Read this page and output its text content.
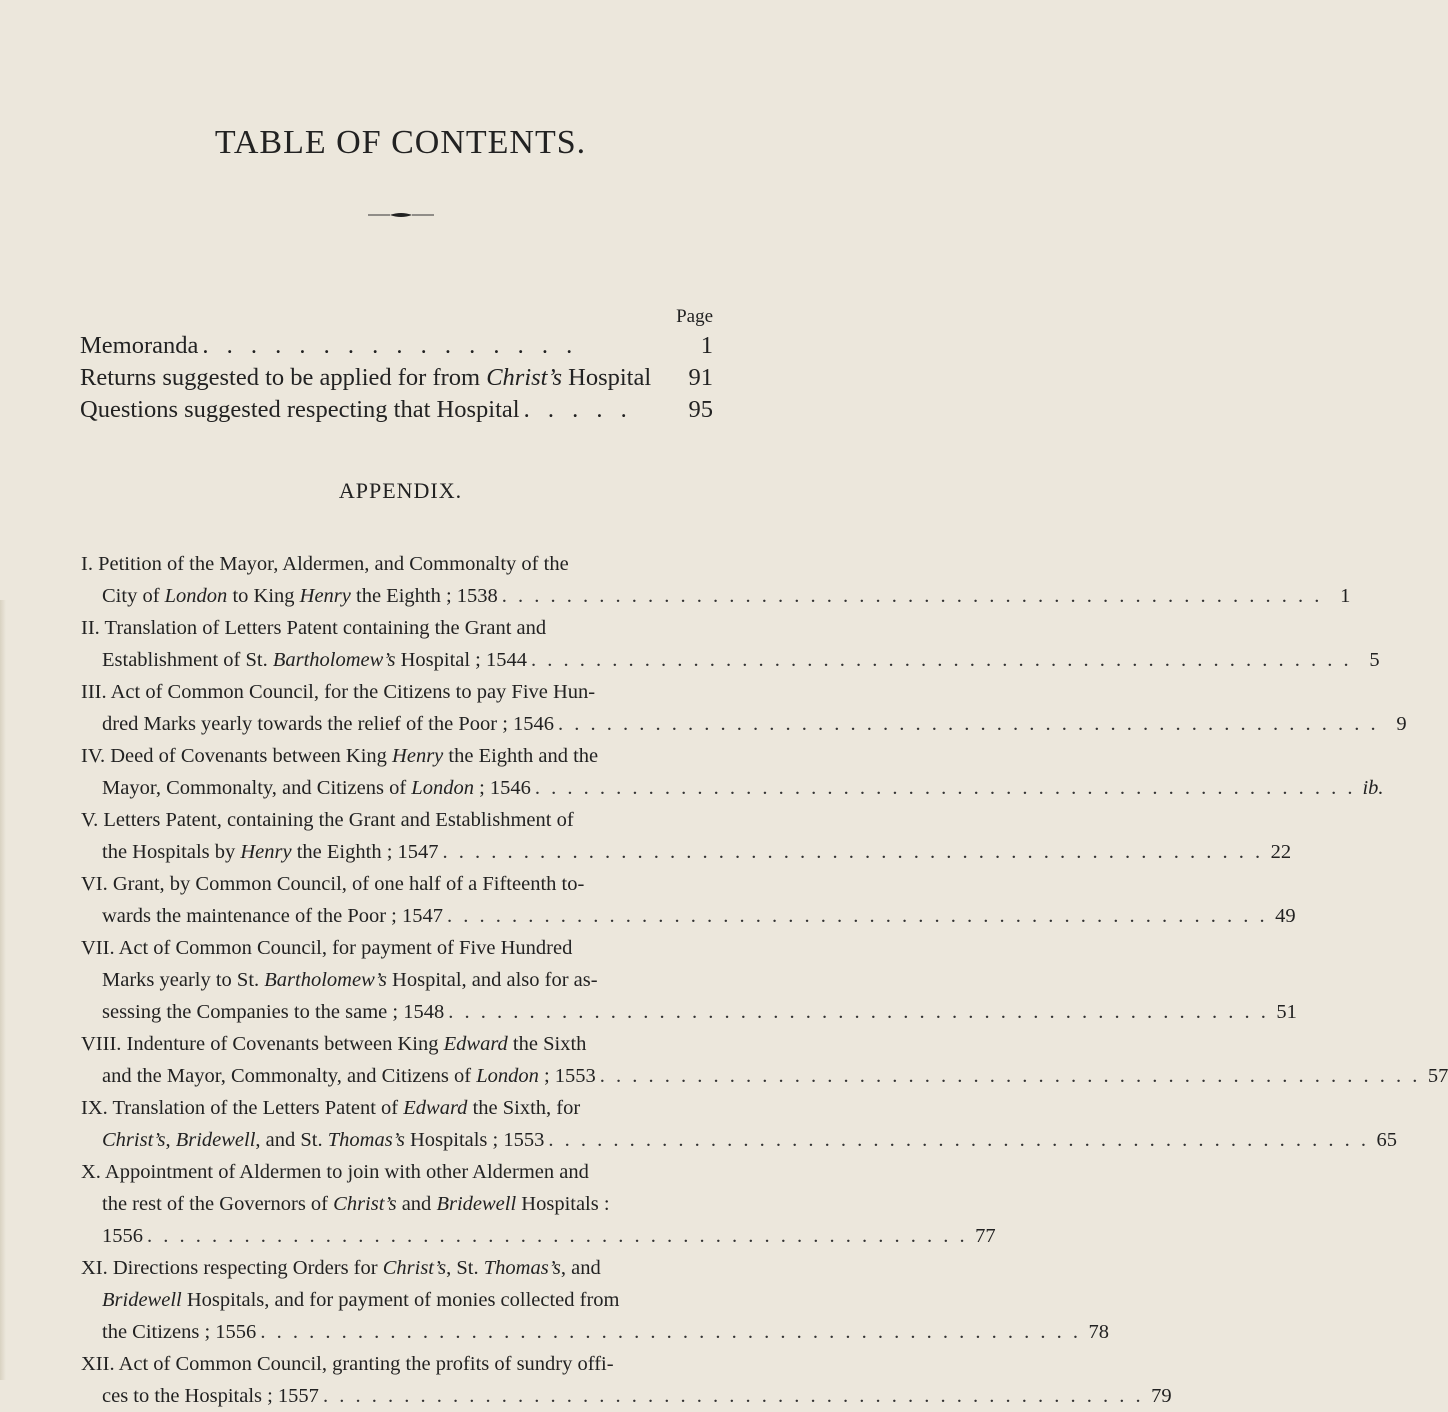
TABLE OF CONTENTS.
Page
Memoranda . . . . . . . . . . . . . . . .	1
Returns suggested to be applied for from Christ’s Hospital 91
Questions suggested respecting that Hospital . . . . .	95
APPENDIX.
I. Petition of the Mayor, Aldermen, and Commonalty of the
City of London to King Henry the Eighth ; 1538 . . . . . . . . . . . . . . . . . . . . . . . . . . . . . . . . . . . . . . . . . . . . . . . . . . . 1
II. Translation of Letters Patent containing the Grant and
Establishment of St. Bartholomew’s Hospital ; 1544 . . . . . . . . . . . . . . . . . . . . . . . . . . . . . . . . . . . . . . . . . . . . . . . . . . . 5
III. Act of Common Council, for the Citizens to pay Five Hun-
dred Marks yearly towards the relief of the Poor ; 1546 . . . . . . . . . . . . . . . . . . . . . . . . . . . . . . . . . . . . . . . . . . . . . . . . . . . 9
IV. Deed of Covenants between King Henry the Eighth and the
Mayor, Commonalty, and Citizens of London ; 1546 . . . . . . . . . . . . . . . . . . . . . . . . . . . . . . . . . . . . . . . . . . . . . . . . . . . ib.
V. Letters Patent, containing the Grant and Establishment of
the Hospitals by Henry the Eighth ; 1547 . . . . . . . . . . . . . . . . . . . . . . . . . . . . . . . . . . . . . . . . . . . . . . . . . . . 22
VI. Grant, by Common Council, of one half of a Fifteenth to-
wards the maintenance of the Poor ; 1547 . . . . . . . . . . . . . . . . . . . . . . . . . . . . . . . . . . . . . . . . . . . . . . . . . . . 49
VII. Act of Common Council, for payment of Five Hundred
Marks yearly to St. Bartholomew’s Hospital, and also for as-
sessing the Companies to the same ; 1548 . . . . . . . . . . . . . . . . . . . . . . . . . . . . . . . . . . . . . . . . . . . . . . . . . . . 51
VIII. Indenture of Covenants between King Edward the Sixth
and the Mayor, Commonalty, and Citizens of London ; 1553 . . . . . . . . . . . . . . . . . . . . . . . . . . . . . . . . . . . . . . . . . . . . . . . . . . . 57
IX. Translation of the Letters Patent of Edward the Sixth, for
Christ’s, Bridewell, and St. Thomas’s Hospitals ; 1553 . . . . . . . . . . . . . . . . . . . . . . . . . . . . . . . . . . . . . . . . . . . . . . . . . . . 65
X. Appointment of Aldermen to join with other Aldermen and
the rest of the Governors of Christ’s and Bridewell Hospitals :
1556 . . . . . . . . . . . . . . . . . . . . . . . . . . . . . . . . . . . . . . . . . . . . . . . . . . . 77
XI. Directions respecting Orders for Christ’s, St. Thomas’s, and
Bridewell Hospitals, and for payment of monies collected from
the Citizens ; 1556 . . . . . . . . . . . . . . . . . . . . . . . . . . . . . . . . . . . . . . . . . . . . . . . . . . . 78
XII. Act of Common Council, granting the profits of sundry offi-
ces to the Hospitals ; 1557 . . . . . . . . . . . . . . . . . . . . . . . . . . . . . . . . . . . . . . . . . . . . . . . . . . . 79
